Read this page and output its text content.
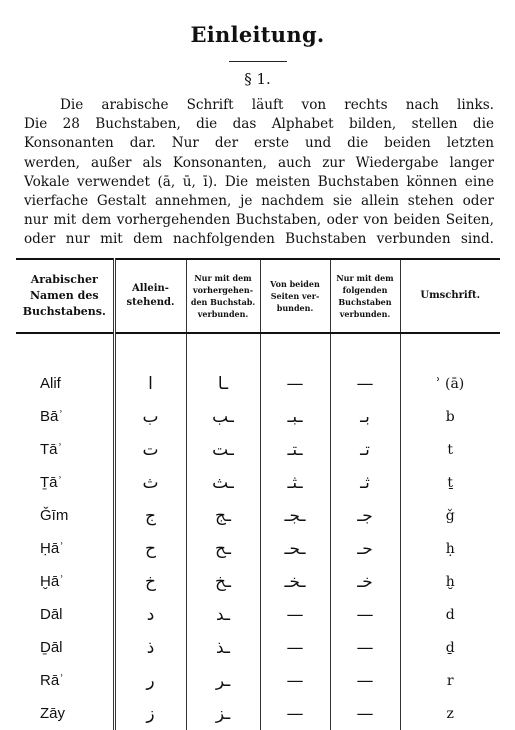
Einleitung.
§ 1.
Die arabische Schrift läuft von rechts nach links.
Die 28 Buchstaben, die das Alphabet bilden, stellen die
Konsonanten dar. Nur der erste und die beiden letzten
werden, außer als Konsonanten, auch zur Wiedergabe langer
Vokale verwendet (ā, ū, ī). Die meisten Buchstaben können eine
vierfache Gestalt annehmen, je nachdem sie allein stehen oder
nur mit dem vorhergehenden Buchstaben, oder von beiden Seiten,
oder nur mit dem nachfolgenden Buchstaben verbunden sind.
Arabischer Namen des Buchstabens.	Allein-stehend.	Nur mit dem vorhergehen-den Buchstab. verbunden.	Von beiden Seiten ver-bunden.	Nur mit dem folgenden Buchstaben verbunden.	Umschrift.

Alif	ا	ـا	—	—	ʾ (ā)
Bāʾ	ب	ـب	ـبـ	بـ	b
Tāʾ	ت	ـت	ـتـ	تـ	t
Ṯāʾ	ث	ـث	ـثـ	ثـ	ṯ
Ǧīm	ج	ـج	ـجـ	جـ	ǧ
Ḥāʾ	ح	ـح	ـحـ	حـ	ḥ
Ḫāʾ	خ	ـخ	ـخـ	خـ	ḫ
Dāl	د	ـد	—	—	d
Ḏāl	ذ	ـذ	—	—	ḏ
Rāʾ	ر	ـر	—	—	r
Zāy	ز	ـز	—	—	z
